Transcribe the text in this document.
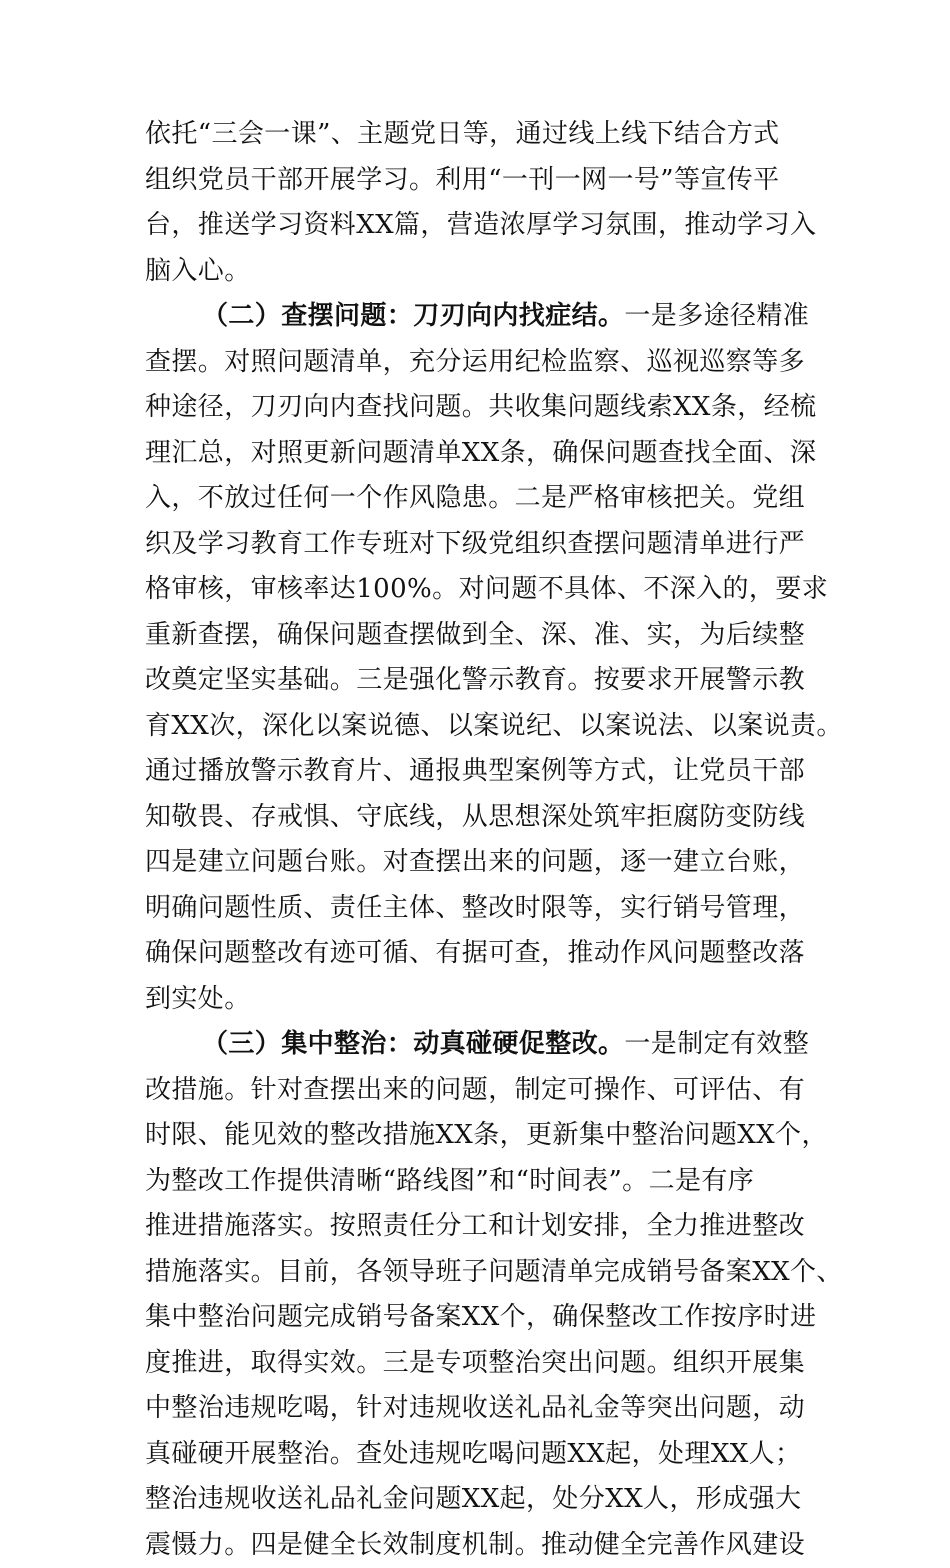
依托“三会一课”、主题党日等，通过线上线下结合方式
组织党员干部开展学习。利用“一刊一网一号”等宣传平
台，推送学习资料XX篇，营造浓厚学习氛围，推动学习入
脑入心。
（二）查摆问题：刀刃向内找症结。一是多途径精准
查摆。对照问题清单，充分运用纪检监察、巡视巡察等多
种途径，刀刃向内查找问题。共收集问题线索XX条，经梳
理汇总，对照更新问题清单XX条，确保问题查找全面、深
入，不放过任何一个作风隐患。二是严格审核把关。党组
织及学习教育工作专班对下级党组织查摆问题清单进行严
格审核，审核率达100%。对问题不具体、不深入的，要求
重新查摆，确保问题查摆做到全、深、准、实，为后续整
改奠定坚实基础。三是强化警示教育。按要求开展警示教
育XX次，深化以案说德、以案说纪、以案说法、以案说责。
通过播放警示教育片、通报典型案例等方式，让党员干部
知敬畏、存戒惧、守底线，从思想深处筑牢拒腐防变防线
四是建立问题台账。对查摆出来的问题，逐一建立台账，
明确问题性质、责任主体、整改时限等，实行销号管理，
确保问题整改有迹可循、有据可查，推动作风问题整改落
到实处。
（三）集中整治：动真碰硬促整改。一是制定有效整
改措施。针对查摆出来的问题，制定可操作、可评估、有
时限、能见效的整改措施XX条，更新集中整治问题XX个，
为整改工作提供清晰“路线图”和“时间表”。二是有序
推进措施落实。按照责任分工和计划安排，全力推进整改
措施落实。目前，各领导班子问题清单完成销号备案XX个、
集中整治问题完成销号备案XX个，确保整改工作按序时进
度推进，取得实效。三是专项整治突出问题。组织开展集
中整治违规吃喝，针对违规收送礼品礼金等突出问题，动
真碰硬开展整治。查处违规吃喝问题XX起，处理XX人；
整治违规收送礼品礼金问题XX起，处分XX人，形成强大
震慑力。四是健全长效制度机制。推动健全完善作风建设
